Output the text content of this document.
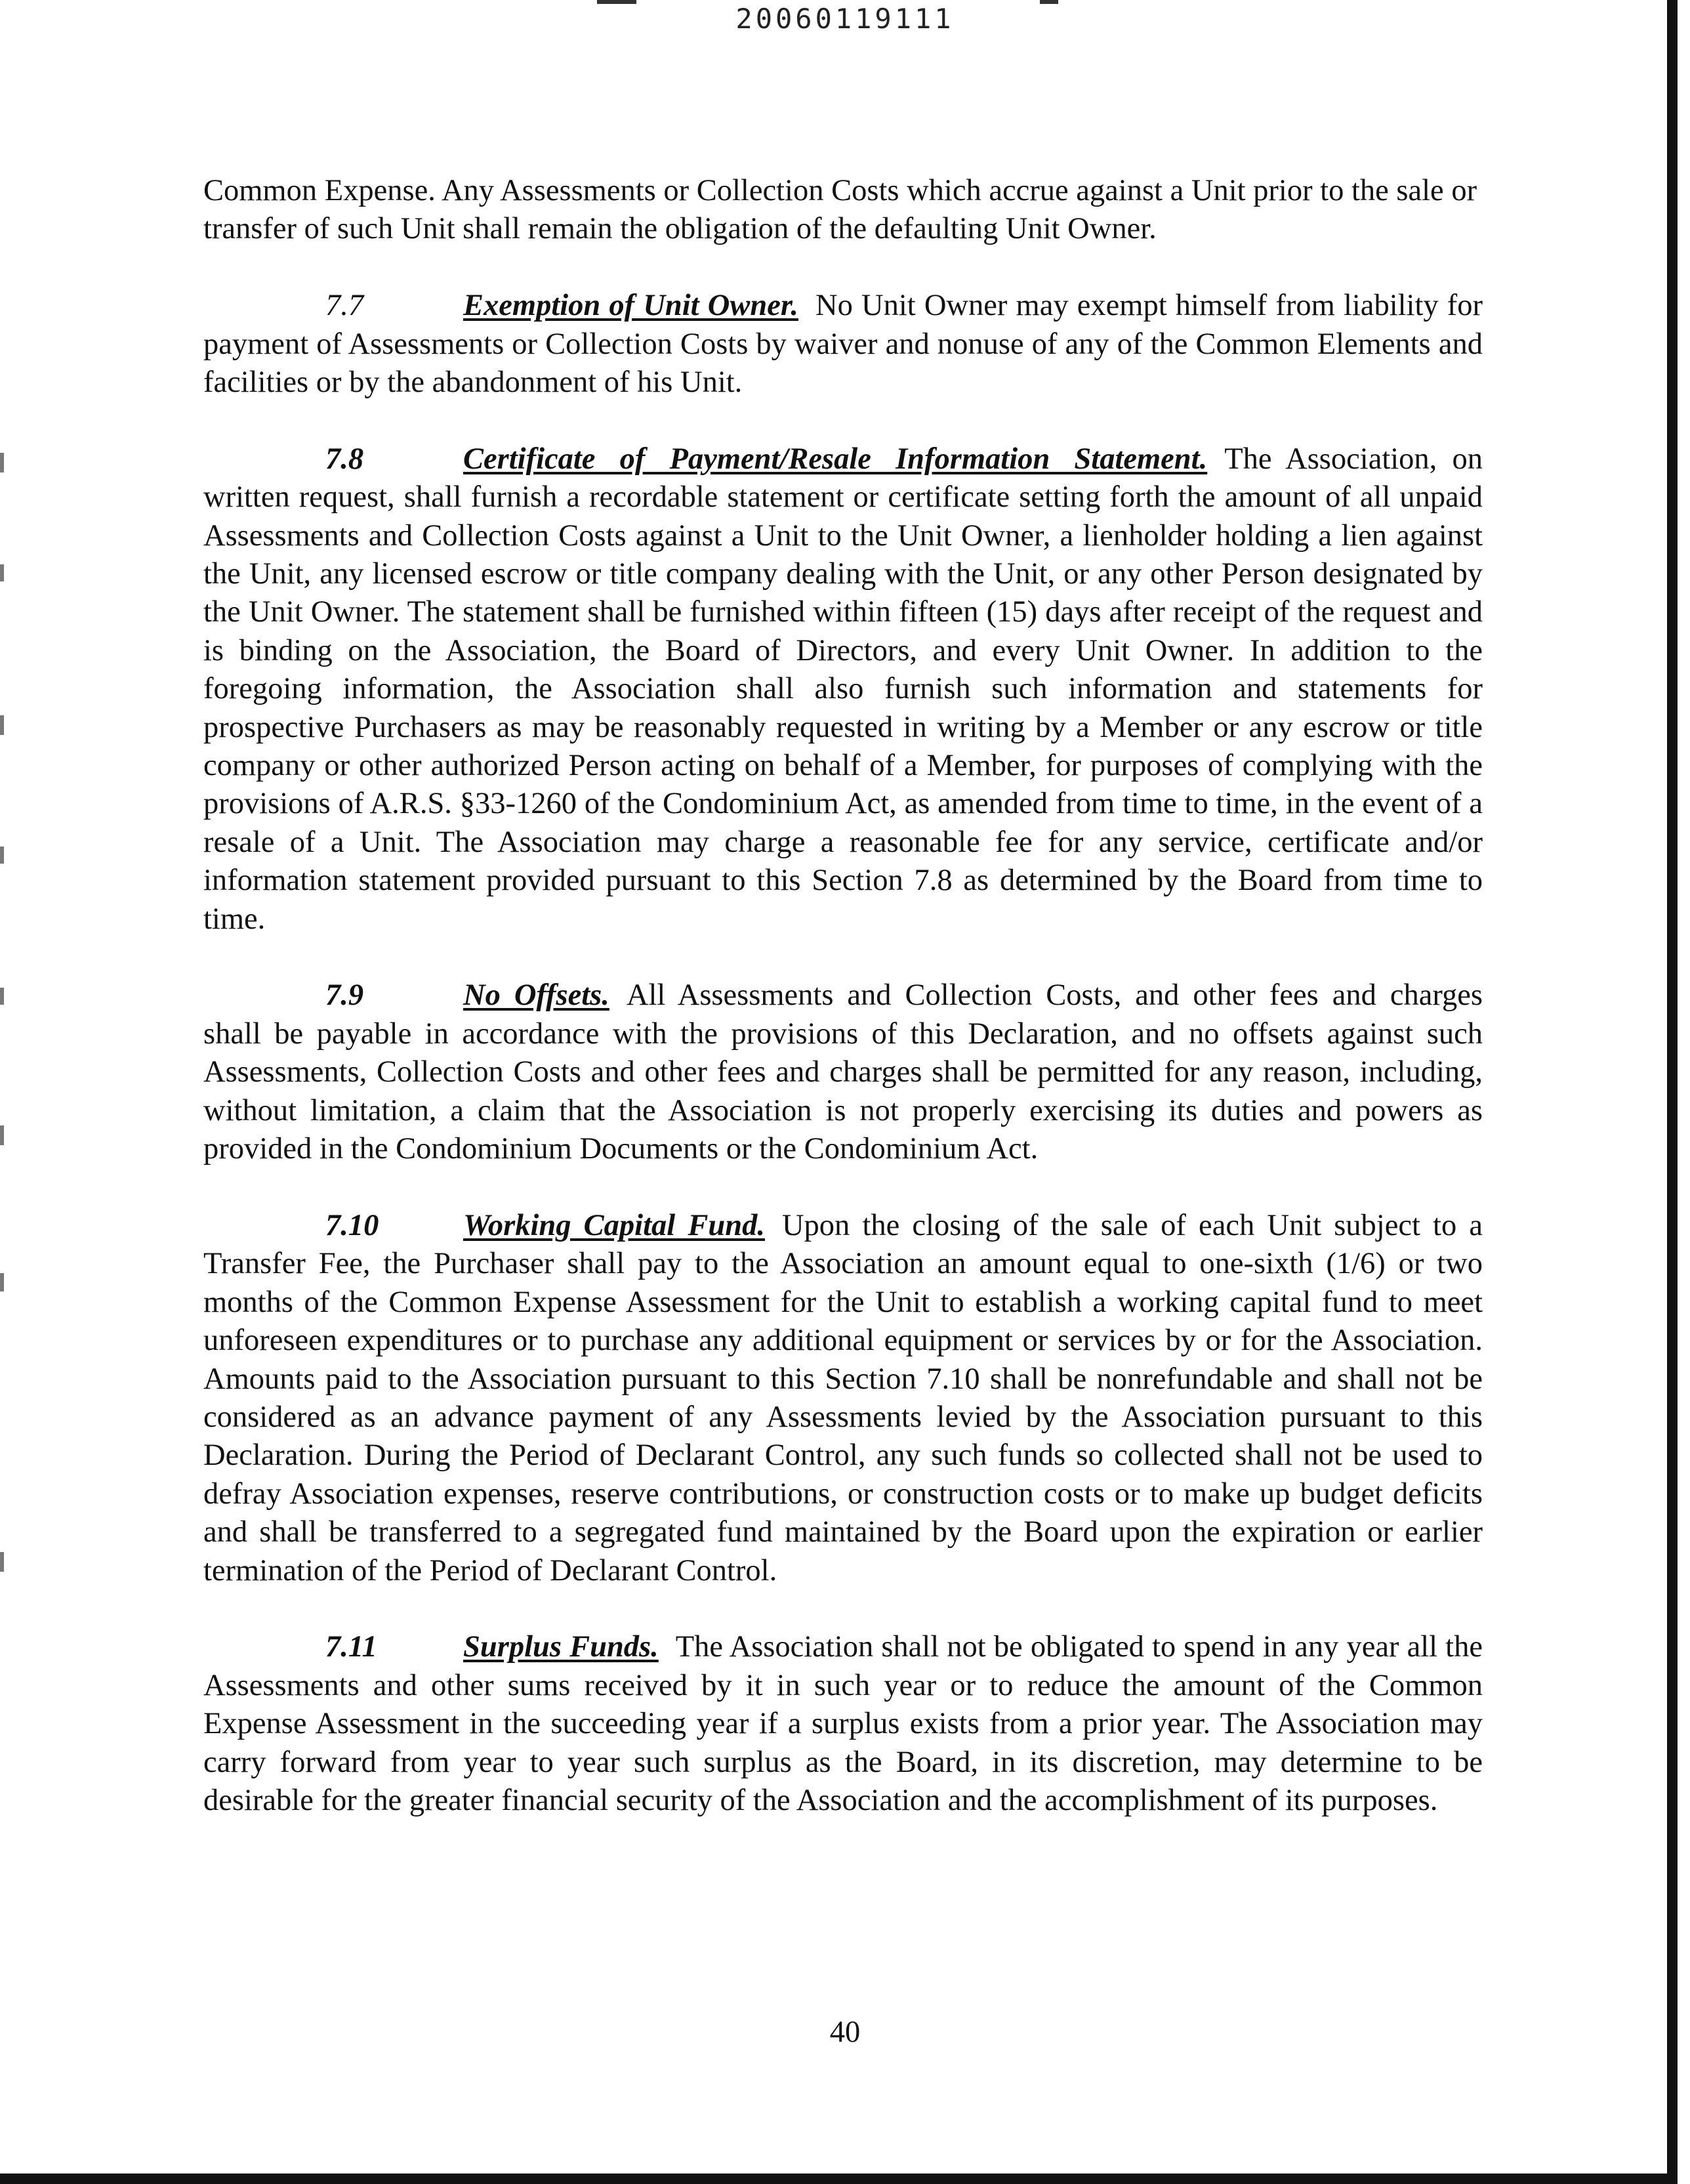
20060119111

Common Expense. Any Assessments or Collection Costs which accrue against a Unit prior to the sale or transfer of such Unit shall remain the obligation of the defaulting Unit Owner.

7.7	Exemption of Unit Owner. No Unit Owner may exempt himself from liability for payment of Assessments or Collection Costs by waiver and nonuse of any of the Common Elements and facilities or by the abandonment of his Unit.

7.8	Certificate of Payment/Resale Information Statement. The Association, on written request, shall furnish a recordable statement or certificate setting forth the amount of all unpaid Assessments and Collection Costs against a Unit to the Unit Owner, a lienholder holding a lien against the Unit, any licensed escrow or title company dealing with the Unit, or any other Person designated by the Unit Owner. The statement shall be furnished within fifteen (15) days after receipt of the request and is binding on the Association, the Board of Directors, and every Unit Owner. In addition to the foregoing information, the Association shall also furnish such information and statements for prospective Purchasers as may be reasonably requested in writing by a Member or any escrow or title company or other authorized Person acting on behalf of a Member, for purposes of complying with the provisions of A.R.S. §33-1260 of the Condominium Act, as amended from time to time, in the event of a resale of a Unit. The Association may charge a reasonable fee for any service, certificate and/or information statement provided pursuant to this Section 7.8 as determined by the Board from time to time.

7.9	No Offsets. All Assessments and Collection Costs, and other fees and charges shall be payable in accordance with the provisions of this Declaration, and no offsets against such Assessments, Collection Costs and other fees and charges shall be permitted for any reason, including, without limitation, a claim that the Association is not properly exercising its duties and powers as provided in the Condominium Documents or the Condominium Act.

7.10	Working Capital Fund. Upon the closing of the sale of each Unit subject to a Transfer Fee, the Purchaser shall pay to the Association an amount equal to one-sixth (1/6) or two months of the Common Expense Assessment for the Unit to establish a working capital fund to meet unforeseen expenditures or to purchase any additional equipment or services by or for the Association. Amounts paid to the Association pursuant to this Section 7.10 shall be nonrefundable and shall not be considered as an advance payment of any Assessments levied by the Association pursuant to this Declaration. During the Period of Declarant Control, any such funds so collected shall not be used to defray Association expenses, reserve contributions, or construction costs or to make up budget deficits and shall be transferred to a segregated fund maintained by the Board upon the expiration or earlier termination of the Period of Declarant Control.

7.11	Surplus Funds. The Association shall not be obligated to spend in any year all the Assessments and other sums received by it in such year or to reduce the amount of the Common Expense Assessment in the succeeding year if a surplus exists from a prior year. The Association may carry forward from year to year such surplus as the Board, in its discretion, may determine to be desirable for the greater financial security of the Association and the accomplishment of its purposes.

40
